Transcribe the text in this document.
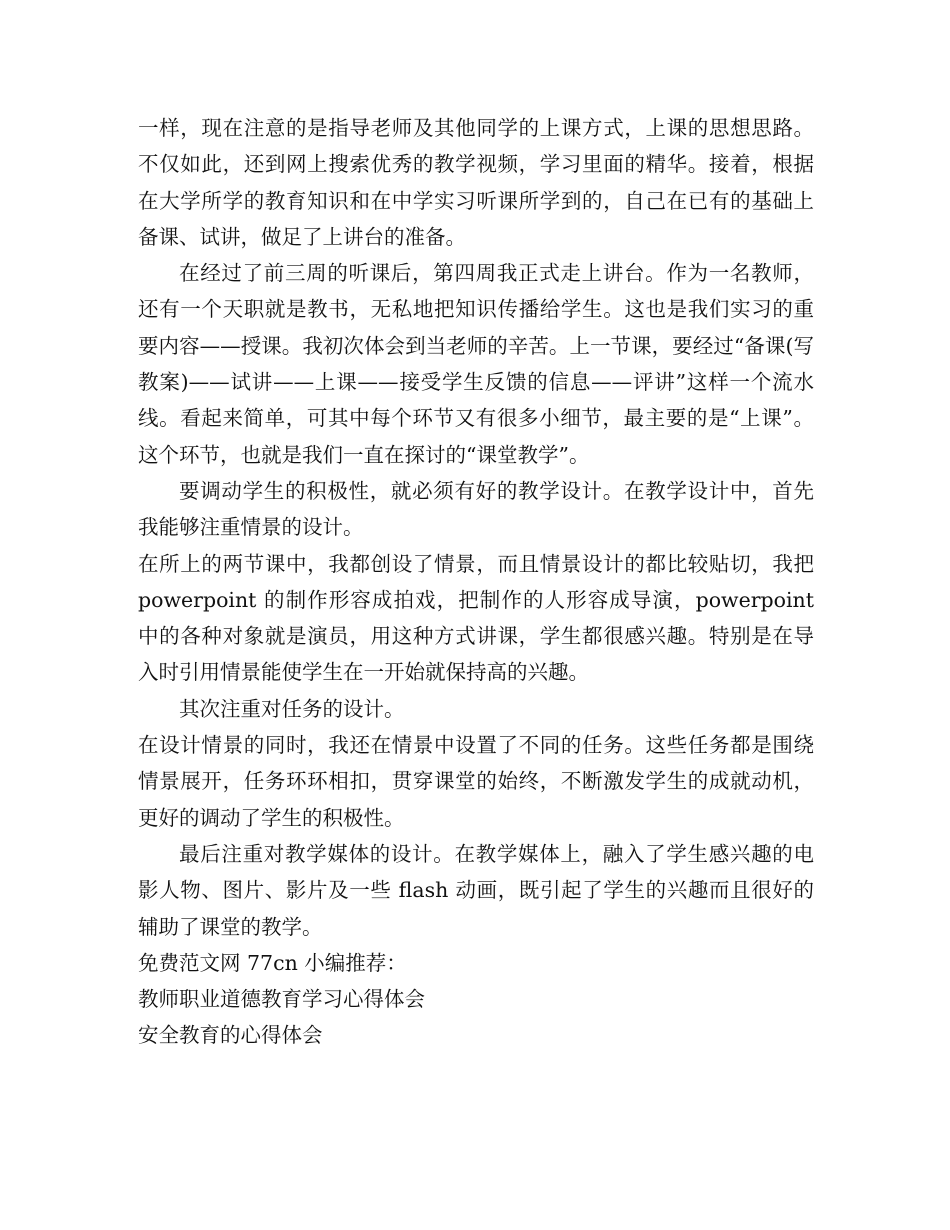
一样，现在注意的是指导老师及其他同学的上课方式，上课的思想思路。不仅如此，还到网上搜索优秀的教学视频，学习里面的精华。接着，根据在大学所学的教育知识和在中学实习听课所学到的，自己在已有的基础上备课、试讲，做足了上讲台的准备。

在经过了前三周的听课后，第四周我正式走上讲台。作为一名教师，还有一个天职就是教书，无私地把知识传播给学生。这也是我们实习的重要内容——授课。我初次体会到当老师的辛苦。上一节课，要经过“备课(写教案)——试讲——上课——接受学生反馈的信息——评讲”这样一个流水线。看起来简单，可其中每个环节又有很多小细节，最主要的是“上课”。这个环节，也就是我们一直在探讨的“课堂教学”。

要调动学生的积极性，就必须有好的教学设计。在教学设计中，首先我能够注重情景的设计。

在所上的两节课中，我都创设了情景，而且情景设计的都比较贴切，我把 powerpoint 的制作形容成拍戏，把制作的人形容成导演，powerpoint 中的各种对象就是演员，用这种方式讲课，学生都很感兴趣。特别是在导入时引用情景能使学生在一开始就保持高的兴趣。

其次注重对任务的设计。

在设计情景的同时，我还在情景中设置了不同的任务。这些任务都是围绕情景展开，任务环环相扣，贯穿课堂的始终，不断激发学生的成就动机，更好的调动了学生的积极性。

最后注重对教学媒体的设计。在教学媒体上，融入了学生感兴趣的电影人物、图片、影片及一些 flash 动画，既引起了学生的兴趣而且很好的辅助了课堂的教学。

免费范文网 77cn 小编推荐：

教师职业道德教育学习心得体会

安全教育的心得体会
